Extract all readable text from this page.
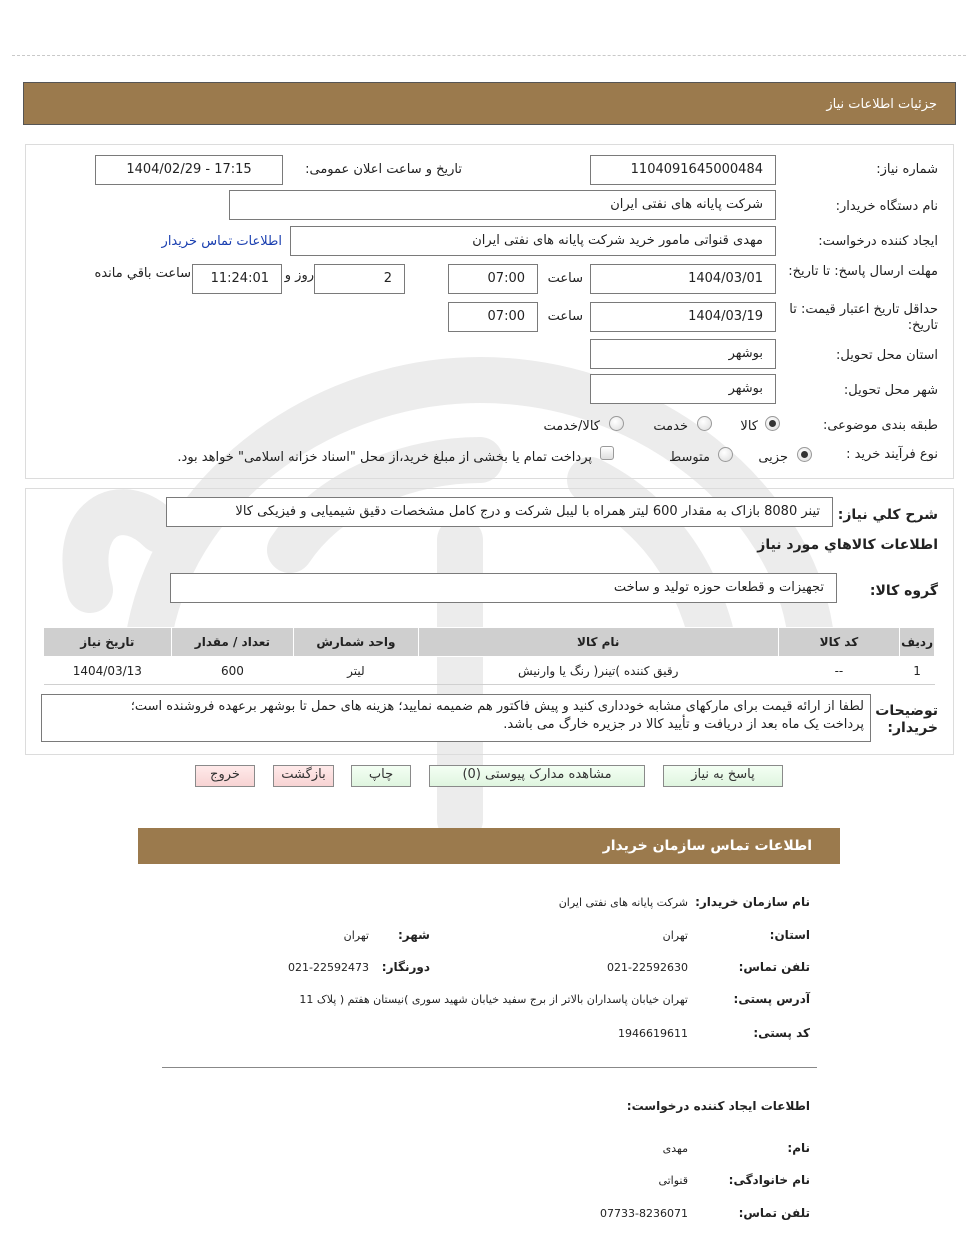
جزئیات اطلاعات نیاز
شماره نیاز:
1104091645000484
تاریخ و ساعت اعلان عمومی:
1404/02/29 - 17:15
نام دستگاه خریدار:
شرکت پایانه های نفتی ایران
ایجاد کننده درخواست:
مهدی قنواتی مامور خرید شرکت پایانه های نفتی ایران
اطلاعات تماس خریدار
مهلت ارسال پاسخ: تا تاریخ:
1404/03/01
ساعت
07:00
2
روز و
11:24:01
ساعت باقي مانده
حداقل تاریخ اعتبار قیمت: تا تاریخ:
1404/03/19
ساعت
07:00
استان محل تحویل:
بوشهر
شهر محل تحویل:
بوشهر
طبقه بندی موضوعی:
کالا
خدمت
کالا/خدمت
نوع فرآیند خرید :
جزیی
متوسط
پرداخت تمام یا بخشی از مبلغ خرید،از محل "اسناد خزانه اسلامی" خواهد بود.
شرح کلي نياز:
تینر 8080 بازاک به مقدار 600 لیتر همراه با لیبل شرکت و درج کامل مشخصات دقیق شیمیایی و فیزیکی کالا
اطلاعات کالاهاي مورد نياز
گروه کالا:
تجهیزات و قطعات حوزه تولید و ساخت
ردیف	کد کالا	نام کالا	واحد شمارش	تعداد / مقدار	تاریخ نیاز
1	--	رقیق کننده )تینر( رنگ یا وارنیش	لیتر	600	1404/03/13
توضیحات خریدار:
لطفا از ارائه قیمت برای مارکهای مشابه خودداری کنید و پیش فاکتور هم ضمیمه نمایید؛ هزینه های حمل تا بوشهر برعهده فروشنده است؛
پرداخت یک ماه بعد از دریافت و تأیید کالا در جزیره خارگ می باشد.
پاسخ به نیاز
مشاهده مدارک پیوستی (0)
چاپ
بازگشت
خروج
اطلاعات تماس سازمان خریدار
نام سازمان خریدار:
شرکت پایانه های نفتی ایران
استان:
تهران
شهر:
تهران
تلفن تماس:
021-22592630
دورنگار:
021-22592473
آدرس پستی:
تهران خیابان پاسداران بالاتر از برج سفید خیابان شهید سوری )نیستان هفتم ( پلاک 11
کد پستی:
1946619611
اطلاعات ایجاد کننده درخواست:
نام:
مهدی
نام خانوادگی:
قنواتی
تلفن تماس:
07733-8236071
